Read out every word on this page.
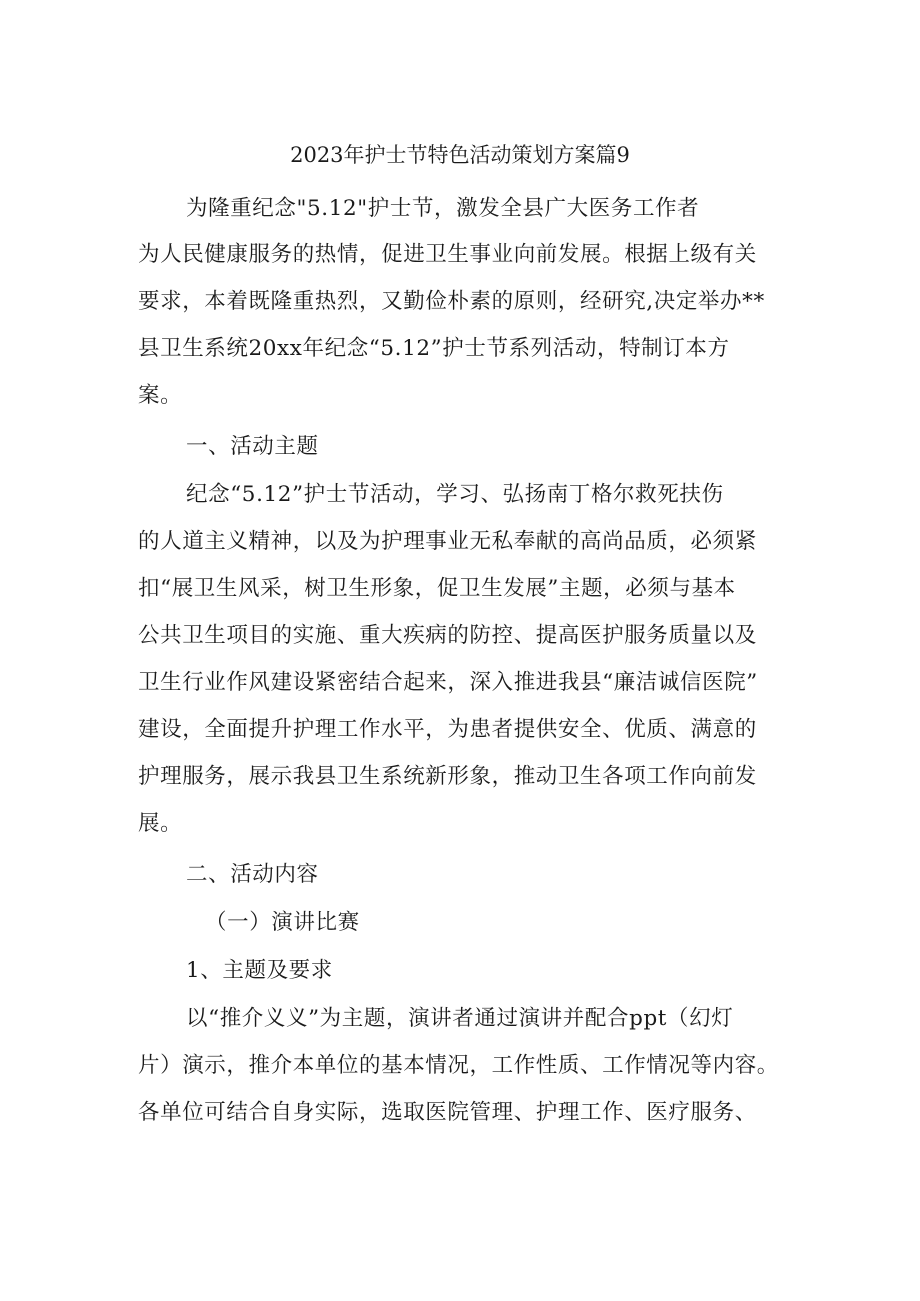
2023年护士节特色活动策划方案篇9
为隆重纪念"5.12"护士节，激发全县广大医务工作者
为人民健康服务的热情，促进卫生事业向前发展。根据上级有关
要求，本着既隆重热烈，又勤俭朴素的原则，经研究,决定举办**
县卫生系统20xx年纪念“5.12”护士节系列活动，特制订本方
案。
一、活动主题
纪念“5.12”护士节活动，学习、弘扬南丁格尔救死扶伤
的人道主义精神，以及为护理事业无私奉献的高尚品质，必须紧
扣“展卫生风采，树卫生形象，促卫生发展”主题，必须与基本
公共卫生项目的实施、重大疾病的防控、提高医护服务质量以及
卫生行业作风建设紧密结合起来，深入推进我县“廉洁诚信医院”
建设，全面提升护理工作水平，为患者提供安全、优质、满意的
护理服务，展示我县卫生系统新形象，推动卫生各项工作向前发
展。
二、活动内容
（一）演讲比赛
1、主题及要求
以“推介义义”为主题，演讲者通过演讲并配合ppt（幻灯
片）演示，推介本单位的基本情况，工作性质、工作情况等内容。
各单位可结合自身实际，选取医院管理、护理工作、医疗服务、
